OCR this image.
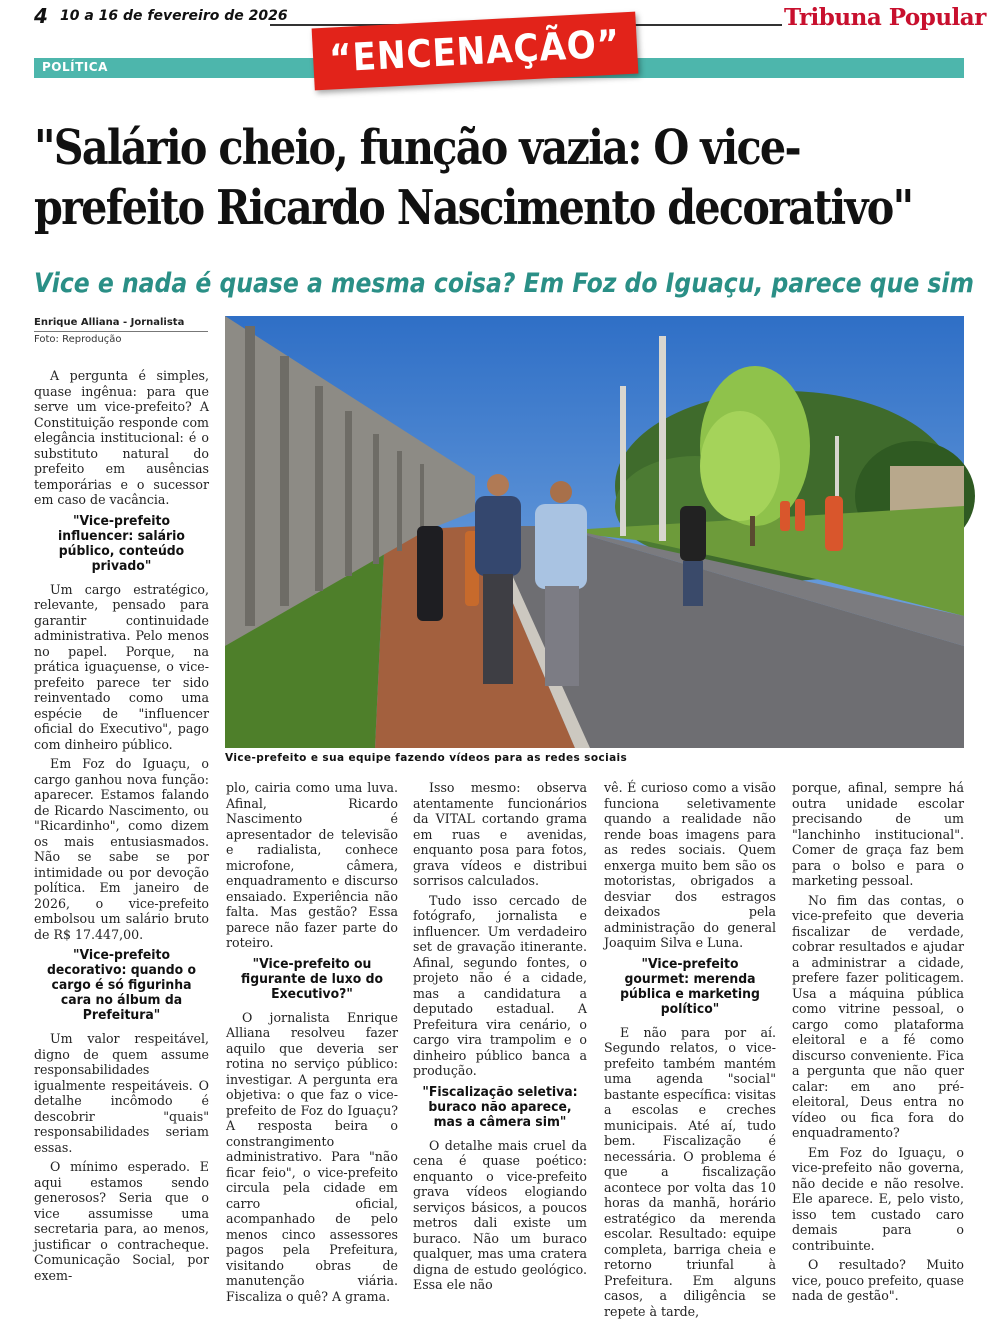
4 10 a 16 de fevereiro de 2026	Tribuna Popular
POLÍTICA	“ENCENAÇÃO”
"Salário cheio, função vazia: O vice-prefeito Ricardo Nascimento decorativo"
Vice e nada é quase a mesma coisa? Em Foz do Iguaçu, parece que sim
Enrique Alliana - Jornalista
Foto: Reprodução
Vice-prefeito e sua equipe fazendo vídeos para as redes sociais

A pergunta é simples, quase ingênua: para que serve um vice-prefeito? A Constituição responde com elegância institucional: é o substituto natural do prefeito em ausências temporárias e o sucessor em caso de vacância.

"Vice-prefeito influencer: salário público, conteúdo privado"

Um cargo estratégico, relevante, pensado para garantir continuidade administrativa. Pelo menos no papel. Porque, na prática iguaçuense, o vice-prefeito parece ter sido reinventado como uma espécie de "influencer oficial do Executivo", pago com dinheiro público.

Em Foz do Iguaçu, o cargo ganhou nova função: aparecer. Estamos falando de Ricardo Nascimento, ou "Ricardinho", como dizem os mais entusiasmados. Não se sabe se por intimidade ou por devoção política. Em janeiro de 2026, o vice-prefeito embolsou um salário bruto de R$ 17.447,00.

"Vice-prefeito decorativo: quando o cargo é só figurinha cara no álbum da Prefeitura"

Um valor respeitável, digno de quem assume responsabilidades igualmente respeitáveis. O detalhe incômodo é descobrir "quais" responsabilidades seriam essas.

O mínimo esperado. E aqui estamos sendo generosos? Seria que o vice assumisse uma secretaria para, ao menos, justificar o contracheque. Comunicação Social, por exem-

plo, cairia como uma luva. Afinal, Ricardo Nascimento é apresentador de televisão e radialista, conhece microfone, câmera, enquadramento e discurso ensaiado. Experiência não falta. Mas gestão? Essa parece não fazer parte do roteiro.

"Vice-prefeito ou figurante de luxo do Executivo?"

O jornalista Enrique Alliana resolveu fazer aquilo que deveria ser rotina no serviço público: investigar. A pergunta era objetiva: o que faz o vice-prefeito de Foz do Iguaçu? A resposta beira o constrangimento administrativo. Para "não ficar feio", o vice-prefeito circula pela cidade em carro oficial, acompanhado de pelo menos cinco assessores pagos pela Prefeitura, visitando obras de manutenção viária. Fiscaliza o quê? A grama.

Isso mesmo: observa atentamente funcionários da VITAL cortando grama em ruas e avenidas, enquanto posa para fotos, grava vídeos e distribui sorrisos calculados.

Tudo isso cercado de fotógrafo, jornalista e influencer. Um verdadeiro set de gravação itinerante. Afinal, segundo fontes, o projeto não é a cidade, mas a candidatura a deputado estadual. A Prefeitura vira cenário, o cargo vira trampolim e o dinheiro público banca a produção.

"Fiscalização seletiva: buraco não aparece, mas a câmera sim"

O detalhe mais cruel da cena é quase poético: enquanto o vice-prefeito grava vídeos elogiando serviços básicos, a poucos metros dali existe um buraco. Não um buraco qualquer, mas uma cratera digna de estudo geológico. Essa ele não

vê. É curioso como a visão funciona seletivamente quando a realidade não rende boas imagens para as redes sociais. Quem enxerga muito bem são os motoristas, obrigados a desviar dos estragos deixados pela administração do general Joaquim Silva e Luna.

"Vice-prefeito gourmet: merenda pública e marketing político"

E não para por aí. Segundo relatos, o vice-prefeito também mantém uma agenda "social" bastante específica: visitas a escolas e creches municipais. Até aí, tudo bem. Fiscalização é necessária. O problema é que a fiscalização acontece por volta das 10 horas da manhã, horário estratégico da merenda escolar. Resultado: equipe completa, barriga cheia e retorno triunfal à Prefeitura. Em alguns casos, a diligência se repete à tarde,

porque, afinal, sempre há outra unidade escolar precisando de um "lanchinho institucional". Comer de graça faz bem para o bolso e para o marketing pessoal.

No fim das contas, o vice-prefeito que deveria fiscalizar de verdade, cobrar resultados e ajudar a administrar a cidade, prefere fazer politicagem. Usa a máquina pública como vitrine pessoal, o cargo como plataforma eleitoral e a fé como discurso conveniente. Fica a pergunta que não quer calar: em ano pré-eleitoral, Deus entra no vídeo ou fica fora do enquadramento?

Em Foz do Iguaçu, o vice-prefeito não governa, não decide e não resolve. Ele aparece. E, pelo visto, isso tem custado caro demais para o contribuinte.

O resultado? Muito vice, pouco prefeito, quase nada de gestão".
